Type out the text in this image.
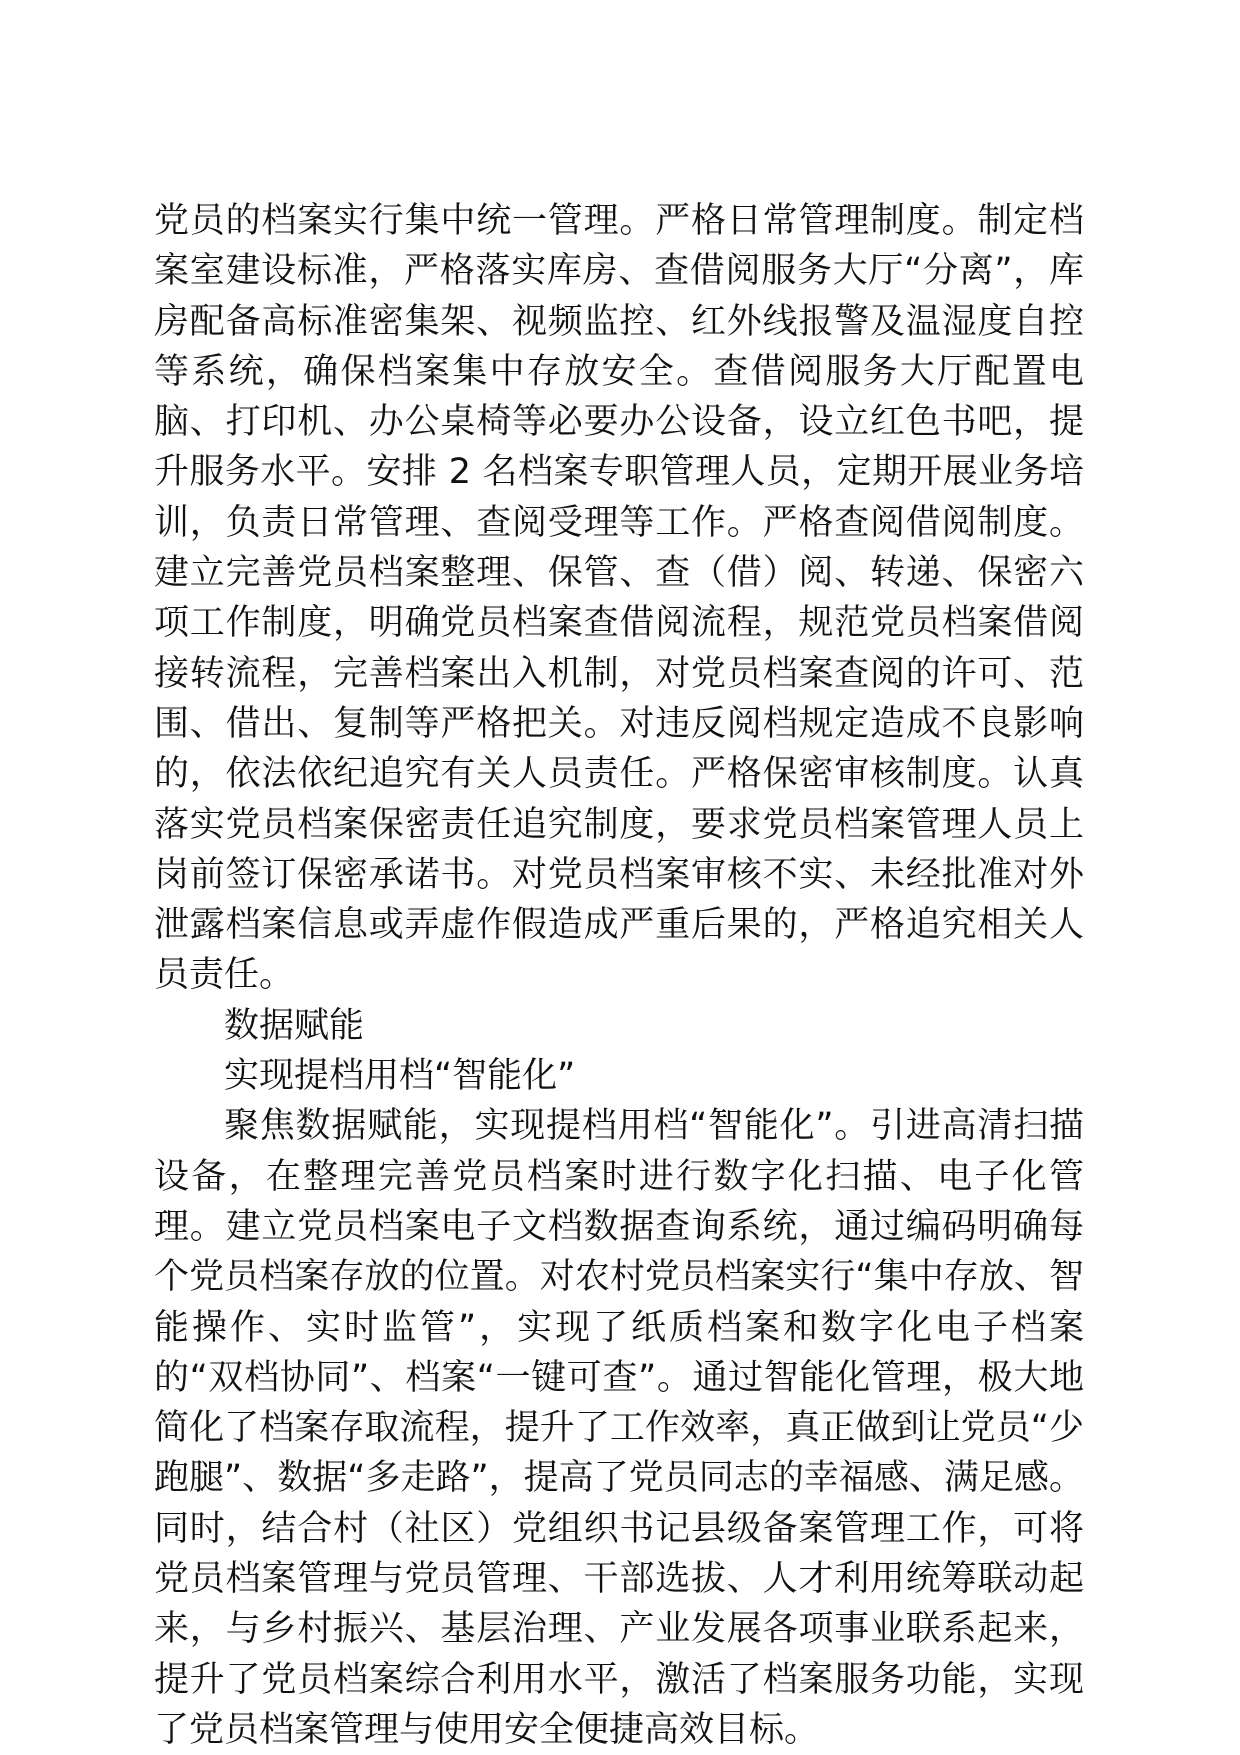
党员的档案实行集中统一管理。严格日常管理制度。制定档案室建设标准，严格落实库房、查借阅服务大厅“分离”，库房配备高标准密集架、视频监控、红外线报警及温湿度自控等系统，确保档案集中存放安全。查借阅服务大厅配置电脑、打印机、办公桌椅等必要办公设备，设立红色书吧，提升服务水平。安排 2 名档案专职管理人员，定期开展业务培训，负责日常管理、查阅受理等工作。严格查阅借阅制度。建立完善党员档案整理、保管、查（借）阅、转递、保密六项工作制度，明确党员档案查借阅流程，规范党员档案借阅接转流程，完善档案出入机制，对党员档案查阅的许可、范围、借出、复制等严格把关。对违反阅档规定造成不良影响的，依法依纪追究有关人员责任。严格保密审核制度。认真落实党员档案保密责任追究制度，要求党员档案管理人员上岗前签订保密承诺书。对党员档案审核不实、未经批准对外泄露档案信息或弄虚作假造成严重后果的，严格追究相关人员责任。

数据赋能

实现提档用档“智能化”

聚焦数据赋能，实现提档用档“智能化”。引进高清扫描设备，在整理完善党员档案时进行数字化扫描、电子化管理。建立党员档案电子文档数据查询系统，通过编码明确每个党员档案存放的位置。对农村党员档案实行“集中存放、智能操作、实时监管”，实现了纸质档案和数字化电子档案的“双档协同”、档案“一键可查”。通过智能化管理，极大地简化了档案存取流程，提升了工作效率，真正做到让党员“少跑腿”、数据“多走路”，提高了党员同志的幸福感、满足感。同时，结合村（社区）党组织书记县级备案管理工作，可将党员档案管理与党员管理、干部选拔、人才利用统筹联动起来，与乡村振兴、基层治理、产业发展各项事业联系起来，提升了党员档案综合利用水平，激活了档案服务功能，实现了党员档案管理与使用安全便捷高效目标。
